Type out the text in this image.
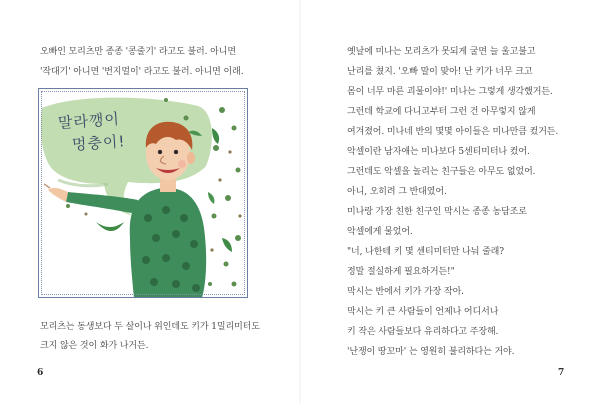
오빠인 모리츠만 종종 '콩줄기' 라고도 불러. 아니면
'작대기' 아니면 '번지멀이' 라고도 불러. 아니면 이래.
말라깽이
멍충이!
모리츠는 동생보다 두 살이나 위인데도 키가 1밀리미터도
크지 않은 것이 화가 나거든.
6
옛날에 미나는 모리츠가 못되게 굴면 늘 울고불고
난리를 쳤지. '오빠 말이 맞아! 난 키가 너무 크고
몸이 너무 마른 괴물이야!' 미나는 그렇게 생각했거든.
그런데 학교에 다니고부터 그런 건 아무렇지 않게
여겨졌어. 미나네 반의 몇몇 아이들은 미나만큼 컸거든.
악셀이란 남자애는 미나보다 5센티미터나 컸어.
그런데도 악셀을 놀리는 친구들은 아무도 없었어.
아니, 오히려 그 반대였어.
미나랑 가장 친한 친구인 막시는 종종 농담조로
악셀에게 물었어.
"너, 나한테 키 몇 센티미터만 나눠 줄래?
정말 절실하게 필요하거든!"
막시는 반에서 키가 가장 작아.
막시는 키 큰 사람들이 언제나 어디서나
키 작은 사람들보다 유리하다고 주장해.
'난쟁이 땅꼬마' 는 영원히 불리하다는 거야.
7
